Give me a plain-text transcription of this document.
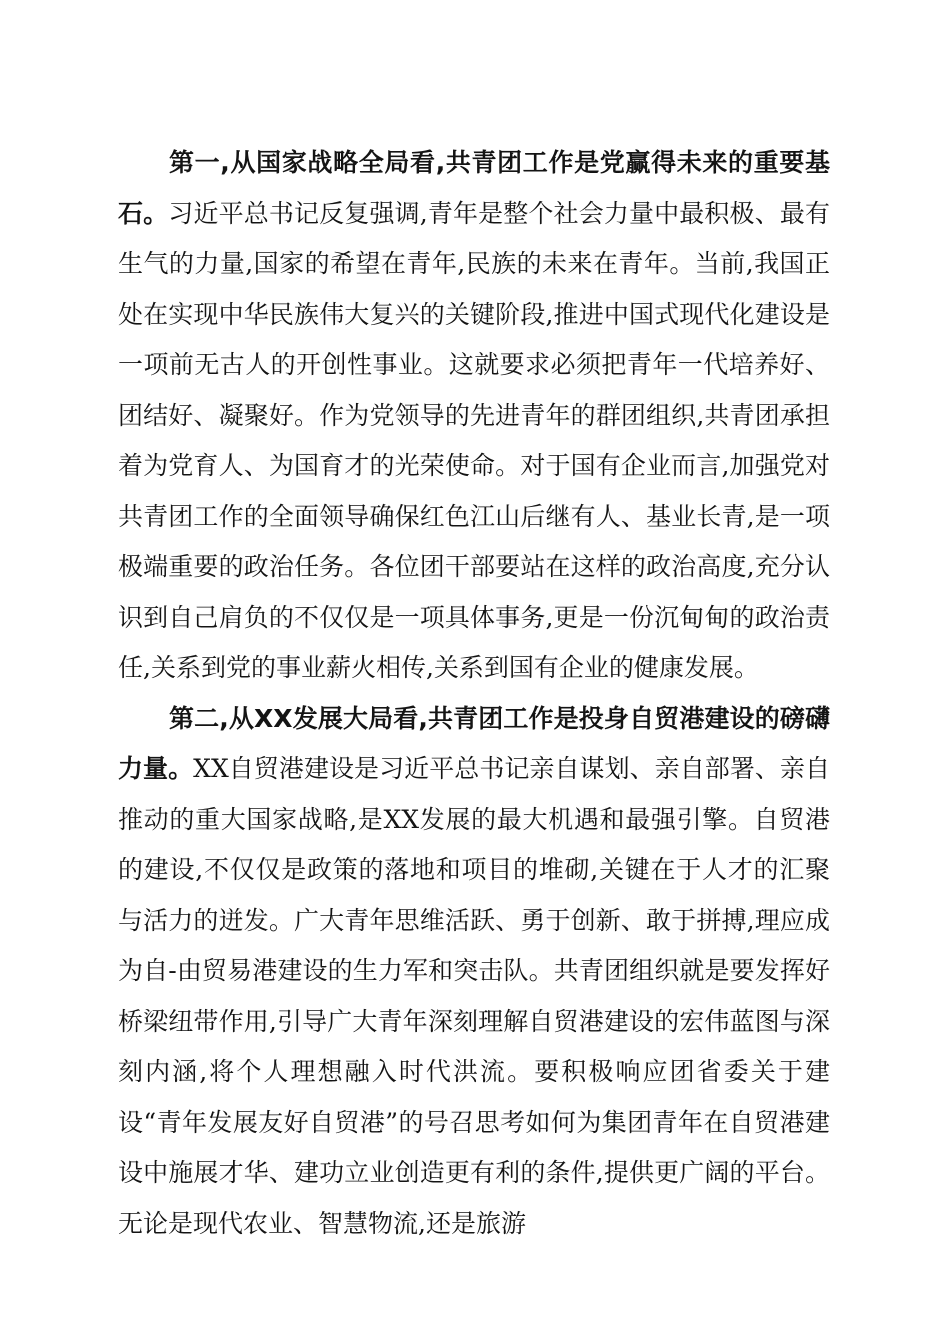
第一,从国家战略全局看,共青团工作是党赢得未来的重要基石。习近平总书记反复强调,青年是整个社会力量中最积极、最有生气的力量,国家的希望在青年,民族的未来在青年。当前,我国正处在实现中华民族伟大复兴的关键阶段,推进中国式现代化建设是一项前无古人的开创性事业。这就要求必须把青年一代培养好、团结好、凝聚好。作为党领导的先进青年的群团组织,共青团承担着为党育人、为国育才的光荣使命。对于国有企业而言,加强党对共青团工作的全面领导确保红色江山后继有人、基业长青,是一项极端重要的政治任务。各位团干部要站在这样的政治高度,充分认识到自己肩负的不仅仅是一项具体事务,更是一份沉甸甸的政治责任,关系到党的事业薪火相传,关系到国有企业的健康发展。

第二,从XX发展大局看,共青团工作是投身自贸港建设的磅礴力量。XX自贸港建设是习近平总书记亲自谋划、亲自部署、亲自推动的重大国家战略,是XX发展的最大机遇和最强引擎。自贸港的建设,不仅仅是政策的落地和项目的堆砌,关键在于人才的汇聚与活力的迸发。广大青年思维活跃、勇于创新、敢于拼搏,理应成为自-由贸易港建设的生力军和突击队。共青团组织就是要发挥好桥梁纽带作用,引导广大青年深刻理解自贸港建设的宏伟蓝图与深刻内涵,将个人理想融入时代洪流。要积极响应团省委关于建设“青年发展友好自贸港”的号召思考如何为集团青年在自贸港建设中施展才华、建功立业创造更有利的条件,提供更广阔的平台。无论是现代农业、智慧物流,还是旅游
